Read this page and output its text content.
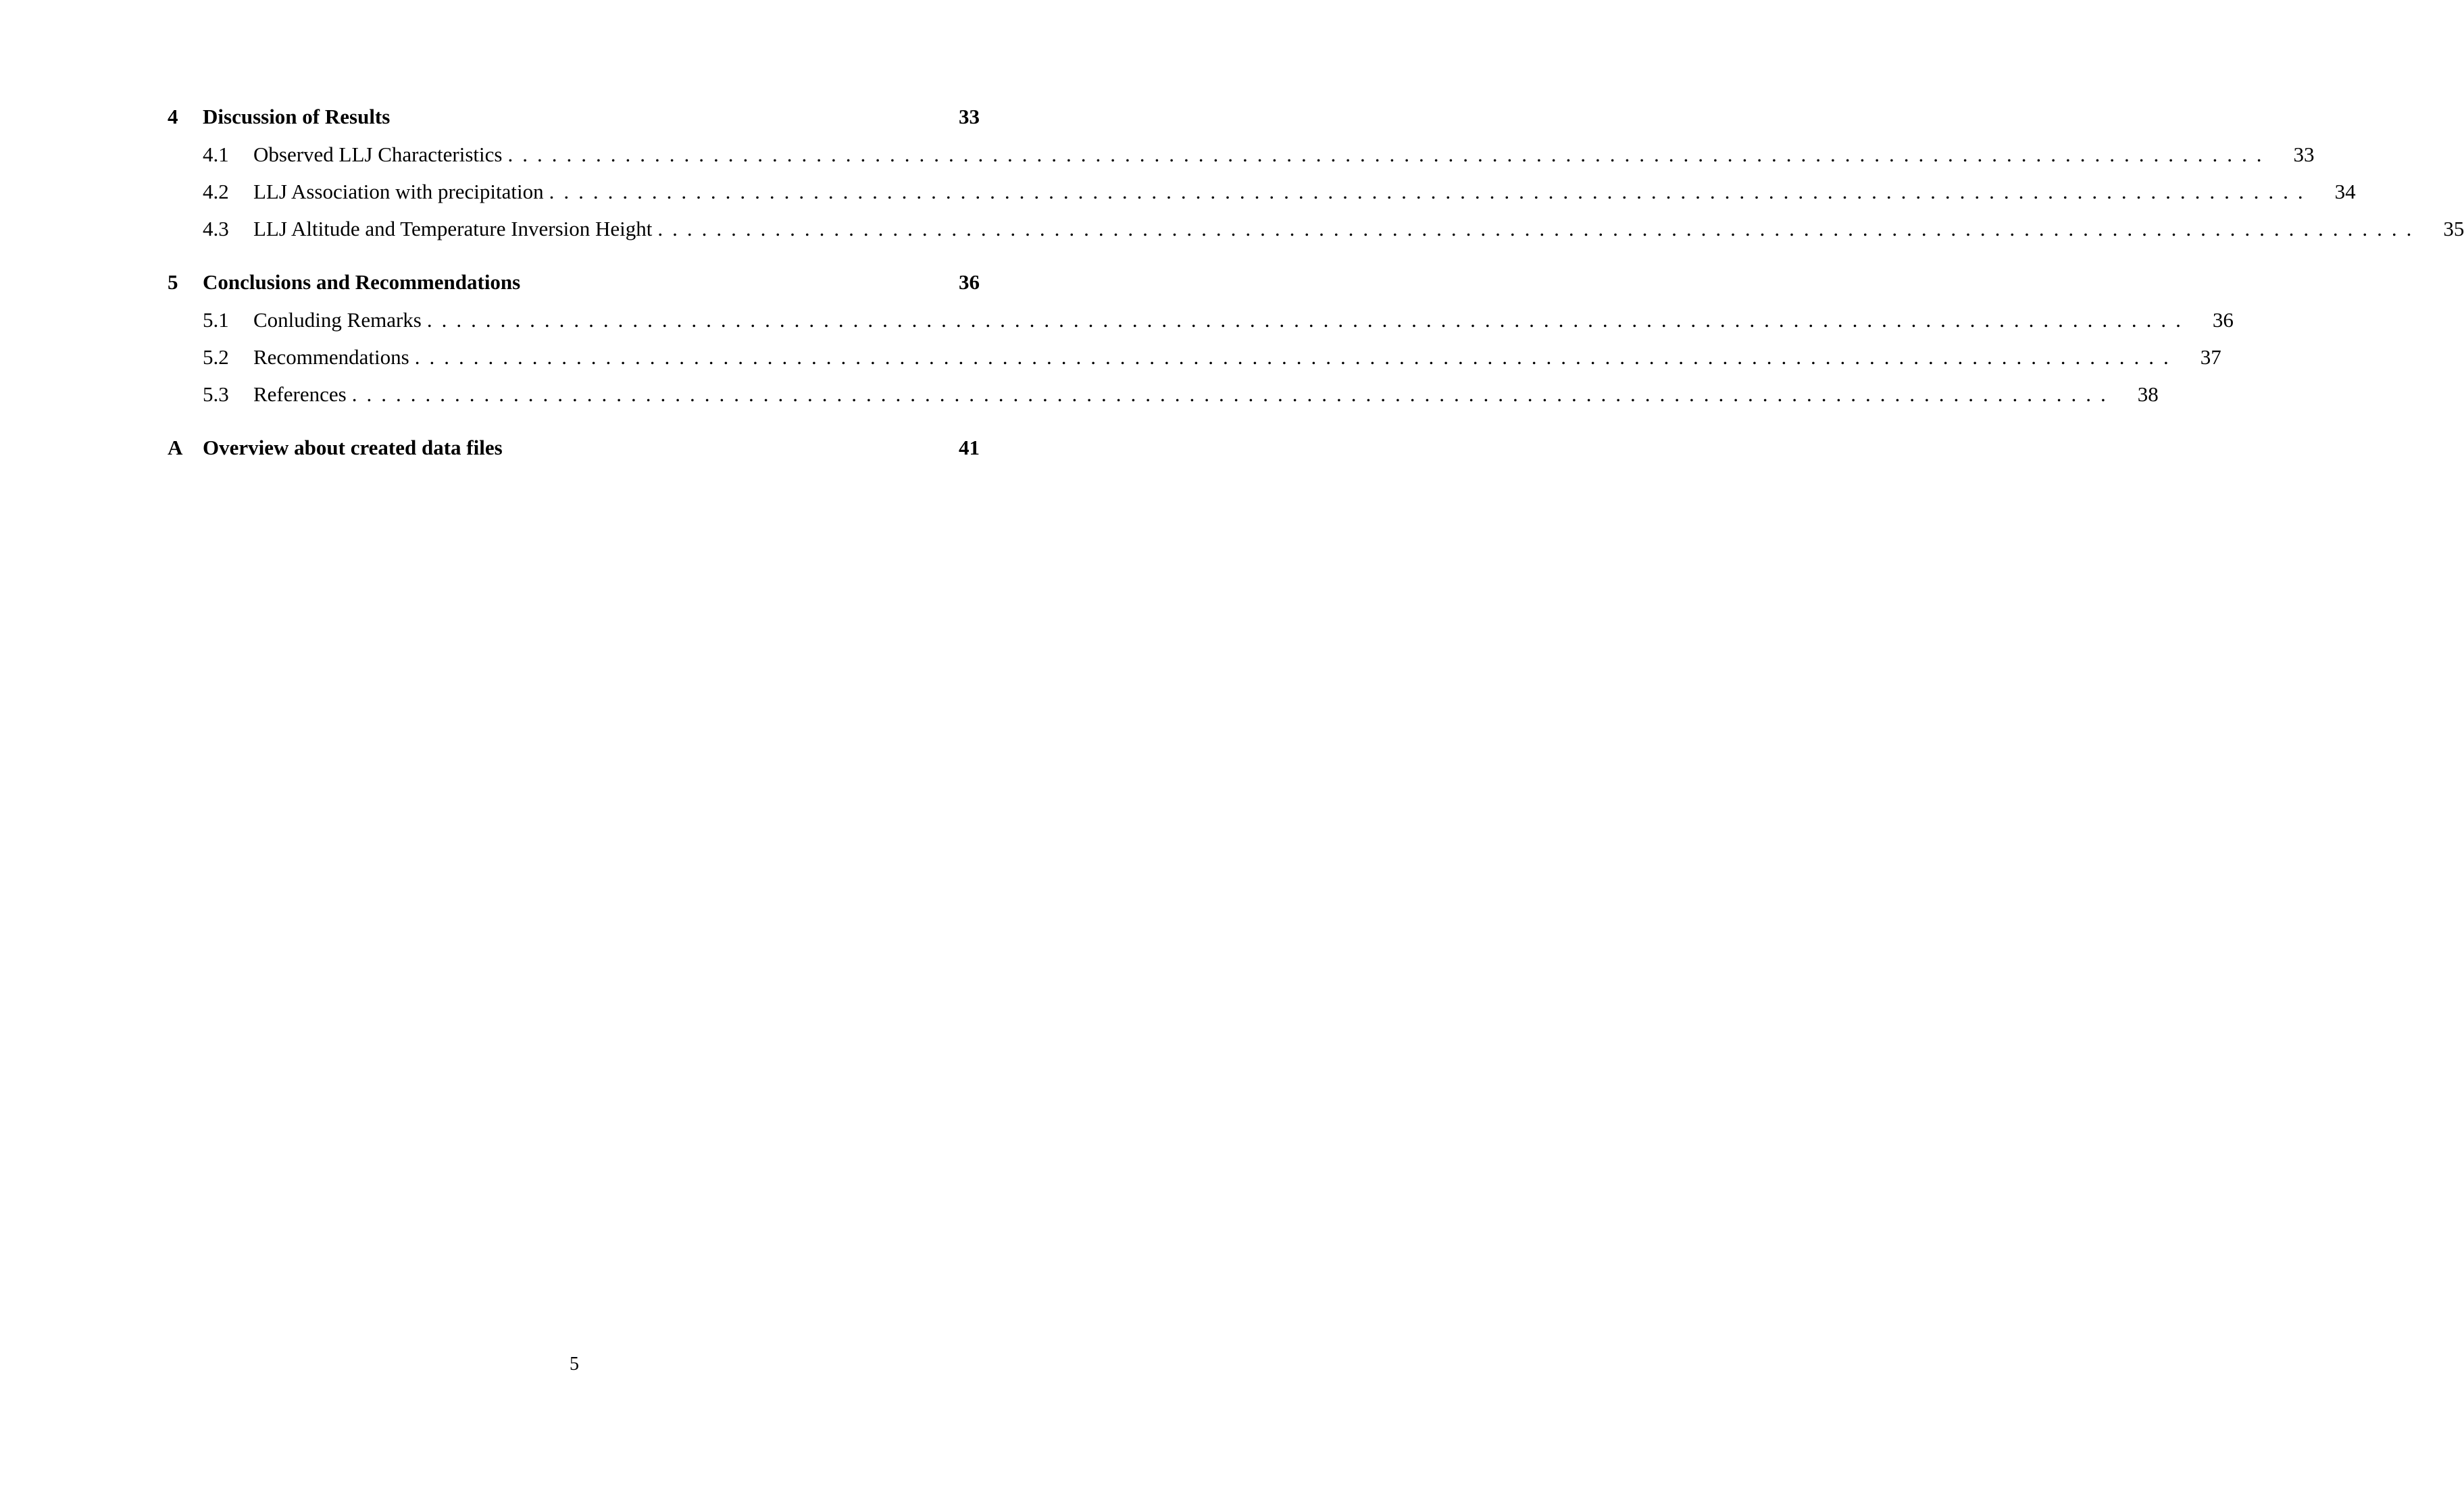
4	Discussion of Results	33
4.1	Observed LLJ Characteristics ........................................................................................................................	33
4.2	LLJ Association with precipitation ........................................................................................................................	34
4.3	LLJ Altitude and Temperature Inversion Height ........................................................................................................................	35
5	Conclusions and Recommendations	36
5.1	Conluding Remarks ........................................................................................................................	36
5.2	Recommendations ........................................................................................................................	37
5.3	References ........................................................................................................................	38
A Overview about created data files	41
5
